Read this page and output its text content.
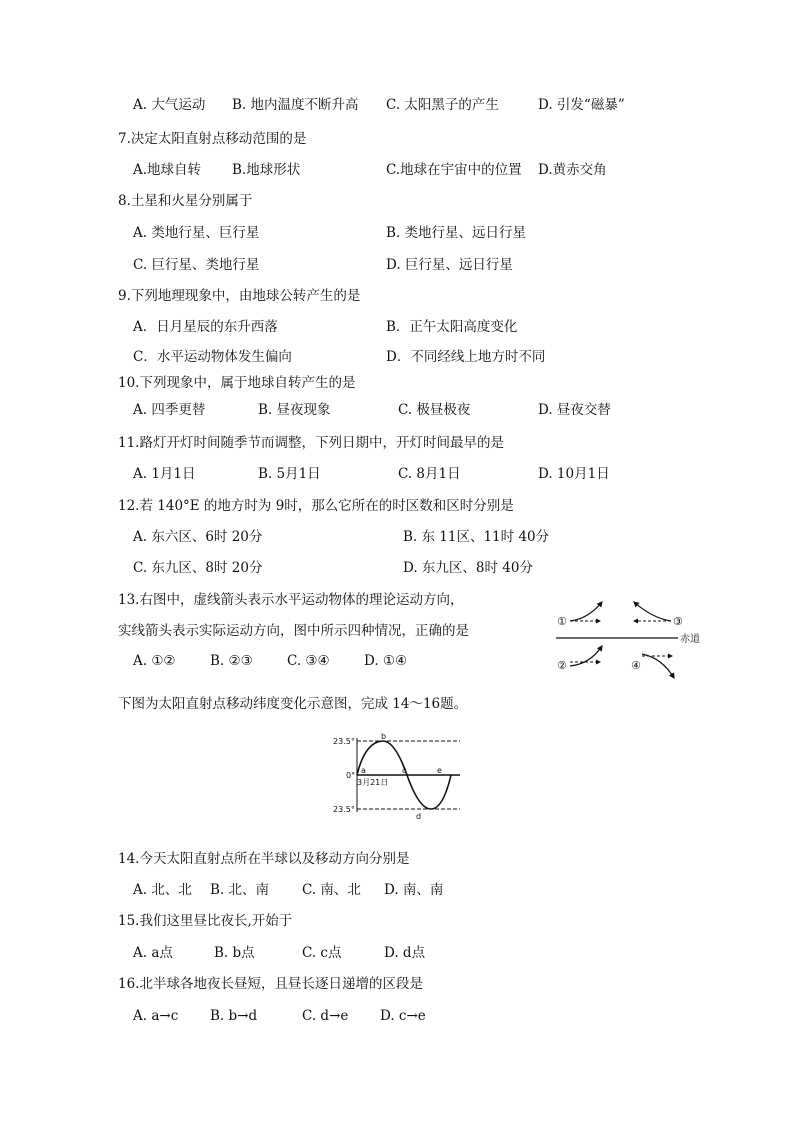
A. 大气运动 B. 地内温度不断升高 C. 太阳黑子的产生	D. 引发“磁暴”
7.决定太阳直射点移动范围的是
A.地球自转 B.地球形状	C.地球在宇宙中的位置 D.黄赤交角
8.土星和火星分别属于
A. 类地行星、巨行星	B. 类地行星、远日行星
C. 巨行星、类地行星	D. 巨行星、远日行星
9.下列地理现象中，由地球公转产生的是
A．日月星辰的东升西落	B．正午太阳高度变化
C．水平运动物体发生偏向	D．不同经线上地方时不同
10.下列现象中，属于地球自转产生的是
A. 四季更替	B. 昼夜现象	C. 极昼极夜	D. 昼夜交替
11.路灯开灯时间随季节而调整，下列日期中，开灯时间最早的是
A. 1月1日	B. 5月1日	C. 8月1日	D. 10月1日
12.若 140°E 的地方时为 9时，那么它所在的时区数和区时分别是
A. 东六区、6时 20分	B. 东 11区、11时 40分
C. 东九区、8时 20分	D. 东九区、8时 40分
13.右图中，虚线箭头表示水平运动物体的理论运动方向，
实线箭头表示实际运动方向，图中所示四种情况，正确的是
A. ①②	B. ②③	C. ③④	D. ①④
赤道
①	③
②	④
下图为太阳直射点移动纬度变化示意图，完成 14～16题。
23.5°
0°
23.5°
a
b
c
d
e
3月21日
14.今天太阳直射点所在半球以及移动方向分别是
A. 北、北 B. 北、南 C. 南、北 D. 南、南
15.我们这里昼比夜长,开始于
A. a点	B. b点	C. c点	D. d点
16.北半球各地夜长昼短，且昼长逐日递增的区段是
A. a→c B. b→d	C. d→e D. c→e
